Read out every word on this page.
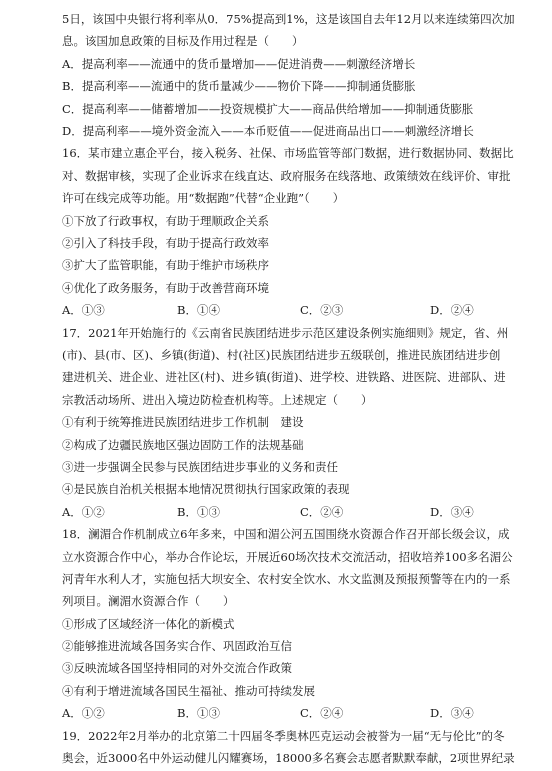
5日，该国中央银行将利率从0．75%提高到1%，这是该国自去年12月以来连续第四次加
息。该国加息政策的目标及作用过程是（　　）
A．提高利率——流通中的货币量增加——促进消费——刺激经济增长
B．提高利率——流通中的货币量减少——物价下降——抑制通货膨胀
C．提高利率——储蓄增加——投资规模扩大——商品供给增加——抑制通货膨胀
D．提高利率——境外资金流入——本币贬值——促进商品出口——刺激经济增长
16．某市建立惠企平台，接入税务、社保、市场监管等部门数据，进行数据协同、数据比
对、数据审核，实现了企业诉求在线直达、政府服务在线落地、政策绩效在线评价、审批
许可在线完成等功能。用“数据跑”代替“企业跑”（　　）
①下放了行政事权，有助于理顺政企关系
②引入了科技手段，有助于提高行政效率
③扩大了监管职能，有助于维护市场秩序
④优化了政务服务，有助于改善营商环境
A．①③	B．①④	C．②③	D．②④
17．2021年开始施行的《云南省民族团结进步示范区建设条例实施细则》规定，省、州
(市)、县(市、区)、乡镇(街道)、村(社区)民族团结进步五级联创，推进民族团结进步创
建进机关、进企业、进社区(村)、进乡镇(街道)、进学校、进铁路、进医院、进部队、进
宗教活动场所、进出入境边防检查机构等。上述规定（　　）
①有利于统筹推进民族团结进步工作机制　建设
②构成了边疆民族地区强边固防工作的法规基础
③进一步强调全民参与民族团结进步事业的义务和责任
④是民族自治机关根据本地情况贯彻执行国家政策的表现
A．①②	B．①③	C．②④	D．③④
18．澜湄合作机制成立6年多来，中国和湄公河五国围绕水资源合作召开部长级会议，成
立水资源合作中心，举办合作论坛，开展近60场次技术交流活动，招收培养100多名湄公
河青年水利人才，实施包括大坝安全、农村安全饮水、水文监测及预报预警等在内的一系
列项目。澜湄水资源合作（　　）
①形成了区域经济一体化的新模式
②能够推进流域各国务实合作、巩固政治互信
③反映流域各国坚持相同的对外交流合作政策
④有利于增进流域各国民生福祉、推动可持续发展
A．①②	B．①③	C．②④	D．③④
19．2022年2月举办的北京第二十四届冬季奥林匹克运动会被誉为一届“无与伦比”的冬
奥会，近3000名中外运动健儿闪耀赛场，18000多名赛会志愿者默默奉献，2项世界纪录
